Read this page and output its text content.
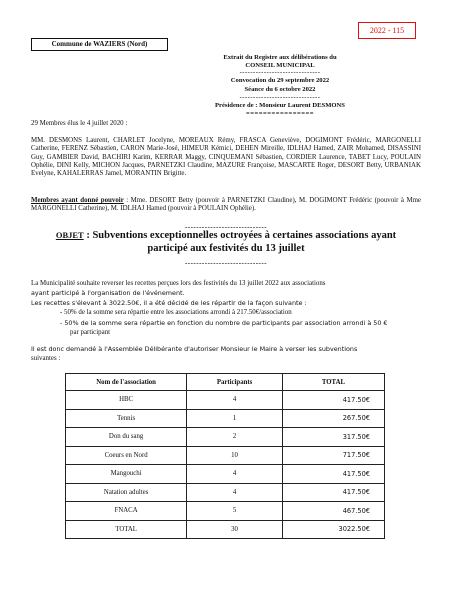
2022 - 115
Commune de WAZIERS (Nord)
Extrait du Registre aux délibérations du
CONSEIL MUNICIPAL
------------------------------
Convocation du 29 septembre 2022
Séance du 6 octobre 2022
------------------------------
Présidence de : Monsieur Laurent DESMONS
================
29 Membres élus le 4 juillet 2020 :
MM. DESMONS Laurent, CHARLET Jocelyne, MOREAUX Rémy, FRASCA Geneviève, DOGIMONT Frédéric, MARGONELLI Catherine, FERENZ Sébastien, CARON Marie-José, HIMEUR Kémici, DEHEN Mireille, IDLHAJ Hamed, ZAIR Mohamed, DISASSINI Guy, GAMBIER David, BACHIRI Karim, KERRAR Maggy, CINQUEMANI Sébastien, CORDIER Laurence, TABET Lucy, POULAIN Ophélie, DINI Kelly, MICHON Jacques, PARNETZKI Claudine, MAZURE Françoise, MASCARTE Roger, DESORT Betty, URBANIAK Evelyne, KAHALERRAS Jamel, MORANTIN Brigitte.
Membres ayant donné pouvoir : Mme. DESORT Betty (pouvoir à PARNETZKI Claudine), M. DOGIMONT Frédéric (pouvoir à Mme MARGONELLI Catherine), M. IDLHAJ Hamed (pouvoir à POULAIN Ophélie).
-----------------------------
OBJET : Subventions exceptionnelles octroyées à certaines associations ayant
participé aux festivités du 13 juillet
-----------------------------
La Municipalité souhaite reverser les recettes perçues lors des festivités du 13 juillet 2022 aux associations
ayant participé à l'organisation de l'événement.
Les recettes s'élevant à 3022.50€, il a été décidé de les répartir de la façon suivante :
- 50% de la somme sera répartie entre les associations arrondi à 217.50€/association
- 50% de la somme sera répartie en fonction du nombre de participants par association arrondi à 50 €
par participant
Il est donc demandé à l'Assemblée Délibérante d'autoriser Monsieur le Maire à verser les subventions
suivantes :
Nom de l'association	Participants	TOTAL
HBC	4	417.50€
Tennis	1	267.50€
Don du sang	2	317.50€
Coeurs en Nord	10	717.50€
Mangouchi	4	417.50€
Natation adultes	4	417.50€
FNACA	5	467.50€
TOTAL	30	3022.50€
